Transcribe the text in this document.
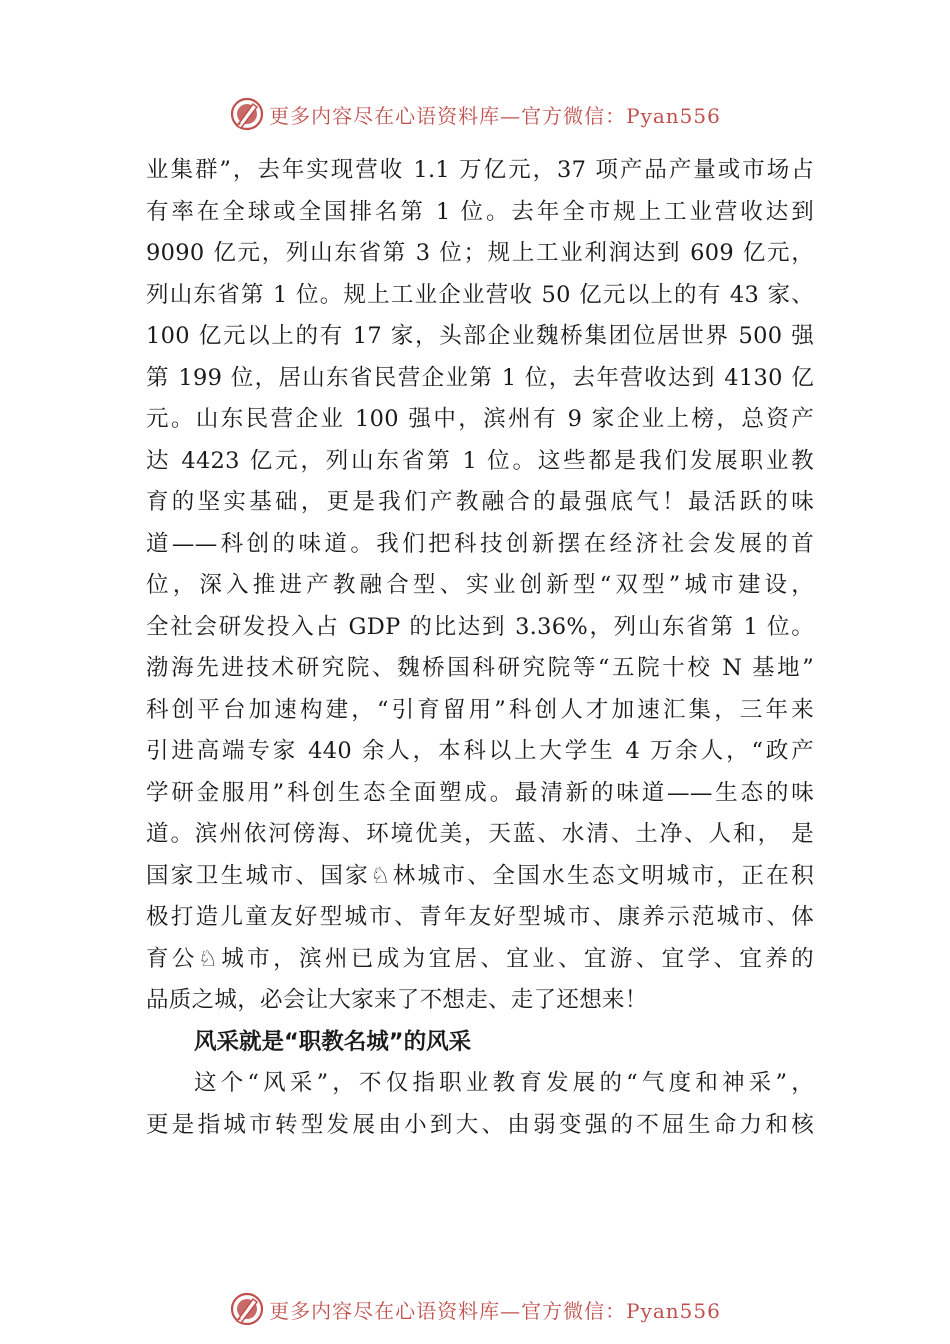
更多内容尽在心语资料库—官方微信：Pyan556
业集群”，去年实现营收 1.1 万亿元，37 项产品产量或市场占
有率在全球或全国排名第 1 位。去年全市规上工业营收达到
9090 亿元，列山东省第 3 位；规上工业利润达到 609 亿元，
列山东省第 1 位。规上工业企业营收 50 亿元以上的有 43 家、
100 亿元以上的有 17 家，头部企业魏桥集团位居世界 500 强
第 199 位，居山东省民营企业第 1 位，去年营收达到 4130 亿
元。山东民营企业 100 强中，滨州有 9 家企业上榜，总资产
达 4423 亿元，列山东省第 1 位。这些都是我们发展职业教
育的坚实基础，更是我们产教融合的最强底气！最活跃的味
道——科创的味道。我们把科技创新摆在经济社会发展的首
位，深入推进产教融合型、实业创新型“双型”城市建设，
全社会研发投入占 GDP 的比达到 3.36%，列山东省第 1 位。
渤海先进技术研究院、魏桥国科研究院等“五院十校 N 基地”
科创平台加速构建，“引育留用”科创人才加速汇集，三年来
引进高端专家 440 余人，本科以上大学生 4 万余人，“政产
学研金服用”科创生态全面塑成。最清新的味道——生态的味
道。滨州依河傍海、环境优美，天蓝、水清、土净、人和， 是
国家卫生城市、国家♘林城市、全国水生态文明城市，正在积
极打造儿童友好型城市、青年友好型城市、康养示范城市、体
育公♘城市，滨州已成为宜居、宜业、宜游、宜学、宜养的
品质之城，必会让大家来了不想走、走了还想来！
风采就是“职教名城”的风采
这个“风采”，不仅指职业教育发展的“气度和神采”，
更是指城市转型发展由小到大、由弱变强的不屈生命力和核
更多内容尽在心语资料库—官方微信：Pyan556
